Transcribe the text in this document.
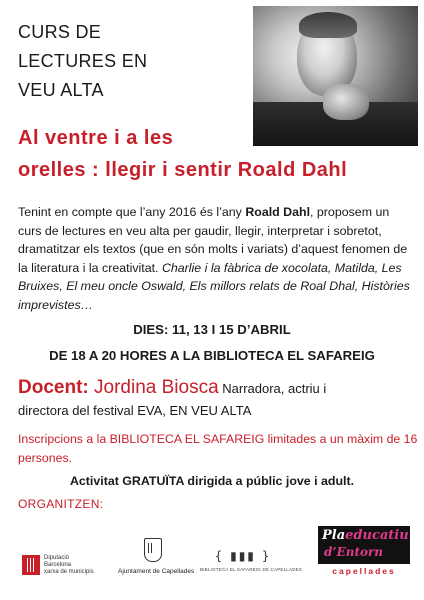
CURS DE
LECTURES EN
VEU ALTA
Al ventre i a les
orelles : llegir i sentir Roald Dahl
Tenint en compte que l’any 2016 és l’any Roald Dahl, proposem un curs de lectures en veu alta per gaudir, llegir, interpretar i sobretot, dramatitzar els textos (que en són molts i variats) d’aquest fenomen de la literatura i la creativitat. Charlie i la fàbrica de xocolata, Matilda, Les Bruixes, El meu oncle Oswald, Els millors relats de Roal Dhal, Històries imprevistes…
DIES: 11, 13 I 15 D’ABRIL
DE 18 A 20 HORES A LA BIBLIOTECA EL SAFAREIG
Docent: Jordina Biosca Narradora, actriu i
directora del festival EVA, EN VEU ALTA
Inscripcions a la BIBLIOTECA EL SAFAREIG limitades a un màxim de 16 persones.
Activitat GRATUÏTA dirigida a públic jove i adult.
ORGANITZEN:
Diputació
Barcelona
xarxa de municipis	Ajuntament de Capellades
{ ▮▮▮ }
BIBLIOTECA EL SAFAREIG DE CAPELLADES
Plaeducatiu
d’Entorn
capellades
